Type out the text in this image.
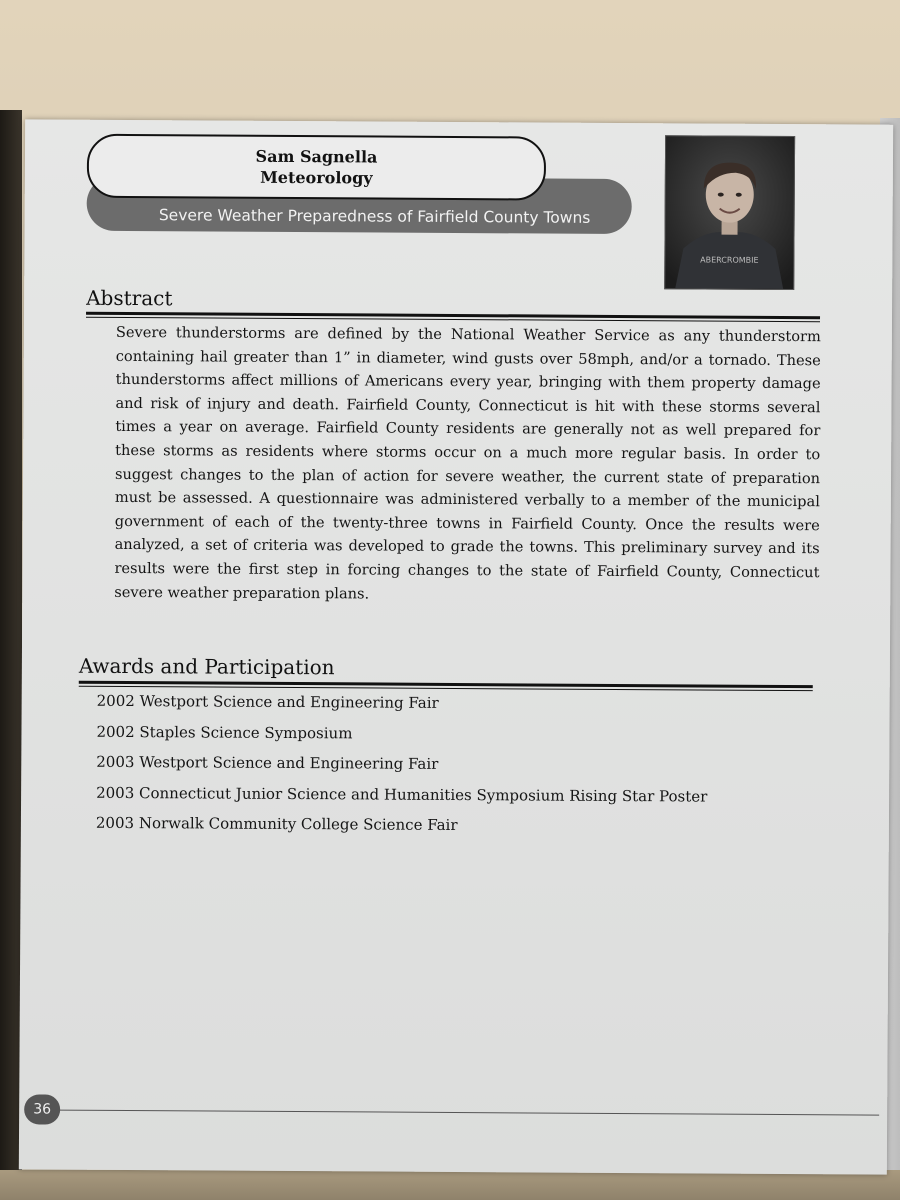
Severe Weather Preparedness of Fairfield County Towns
Sam Sagnella
Meteorology
ABERCROMBIE
Abstract
Severe thunderstorms are defined by the National Weather Service as any thunderstorm containing hail greater than 1” in diameter, wind gusts over 58mph, and/or a tornado. These thunderstorms affect millions of Americans every year, bringing with them property damage and risk of injury and death. Fairfield County, Connecticut is hit with these storms several times a year on average. Fairfield County residents are generally not as well prepared for these storms as residents where storms occur on a much more regular basis. In order to suggest changes to the plan of action for severe weather, the current state of preparation must be assessed. A questionnaire was administered verbally to a member of the municipal government of each of the twenty-three towns in Fairfield County. Once the results were analyzed, a set of criteria was developed to grade the towns. This preliminary survey and its results were the first step in forcing changes to the state of Fairfield County, Connecticut severe weather preparation plans.
Awards and Participation
2002 Westport Science and Engineering Fair
2002 Staples Science Symposium
2003 Westport Science and Engineering Fair
2003 Connecticut Junior Science and Humanities Symposium Rising Star Poster
2003 Norwalk Community College Science Fair
36
